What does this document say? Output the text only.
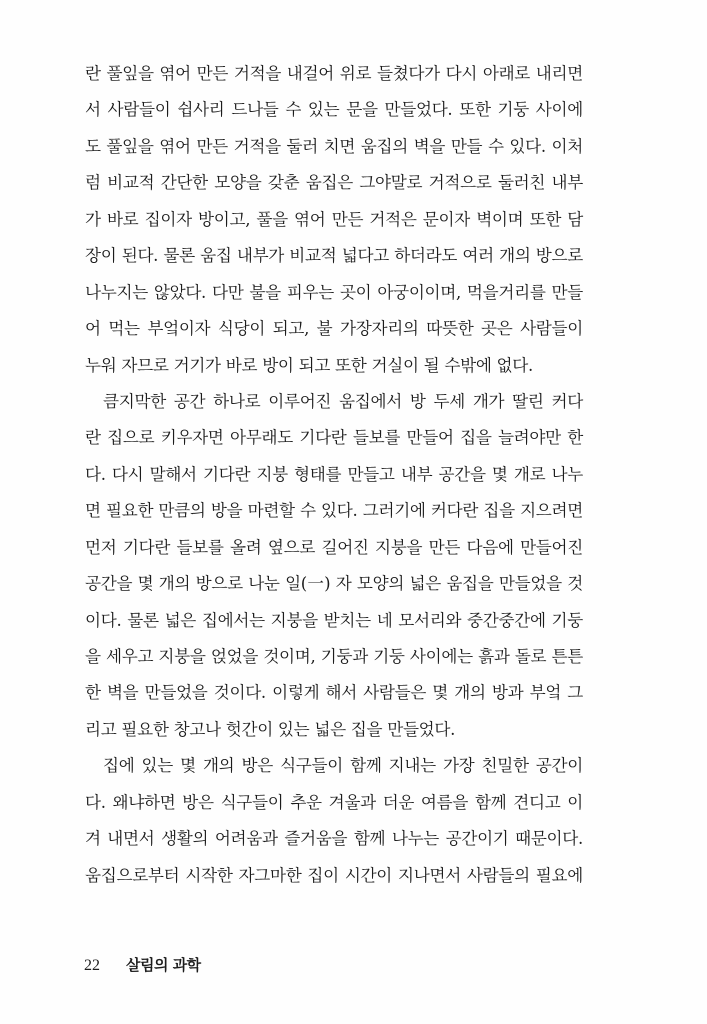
란 풀잎을 엮어 만든 거적을 내걸어 위로 들쳤다가 다시 아래로 내리면
서 사람들이 쉽사리 드나들 수 있는 문을 만들었다. 또한 기둥 사이에
도 풀잎을 엮어 만든 거적을 둘러 치면 움집의 벽을 만들 수 있다. 이처
럼 비교적 간단한 모양을 갖춘 움집은 그야말로 거적으로 둘러친 내부
가 바로 집이자 방이고, 풀을 엮어 만든 거적은 문이자 벽이며 또한 담
장이 된다. 물론 움집 내부가 비교적 넓다고 하더라도 여러 개의 방으로
나누지는 않았다. 다만 불을 피우는 곳이 아궁이이며, 먹을거리를 만들
어 먹는 부엌이자 식당이 되고, 불 가장자리의 따뜻한 곳은 사람들이
누워 자므로 거기가 바로 방이 되고 또한 거실이 될 수밖에 없다.
큼지막한 공간 하나로 이루어진 움집에서 방 두세 개가 딸린 커다
란 집으로 키우자면 아무래도 기다란 들보를 만들어 집을 늘려야만 한
다. 다시 말해서 기다란 지붕 형태를 만들고 내부 공간을 몇 개로 나누
면 필요한 만큼의 방을 마련할 수 있다. 그러기에 커다란 집을 지으려면
먼저 기다란 들보를 올려 옆으로 길어진 지붕을 만든 다음에 만들어진
공간을 몇 개의 방으로 나눈 일(一) 자 모양의 넓은 움집을 만들었을 것
이다. 물론 넓은 집에서는 지붕을 받치는 네 모서리와 중간중간에 기둥
을 세우고 지붕을 얹었을 것이며, 기둥과 기둥 사이에는 흙과 돌로 튼튼
한 벽을 만들었을 것이다. 이렇게 해서 사람들은 몇 개의 방과 부엌 그
리고 필요한 창고나 헛간이 있는 넓은 집을 만들었다.
집에 있는 몇 개의 방은 식구들이 함께 지내는 가장 친밀한 공간이
다. 왜냐하면 방은 식구들이 추운 겨울과 더운 여름을 함께 견디고 이
겨 내면서 생활의 어려움과 즐거움을 함께 나누는 공간이기 때문이다.
움집으로부터 시작한 자그마한 집이 시간이 지나면서 사람들의 필요에
22 살림의 과학
